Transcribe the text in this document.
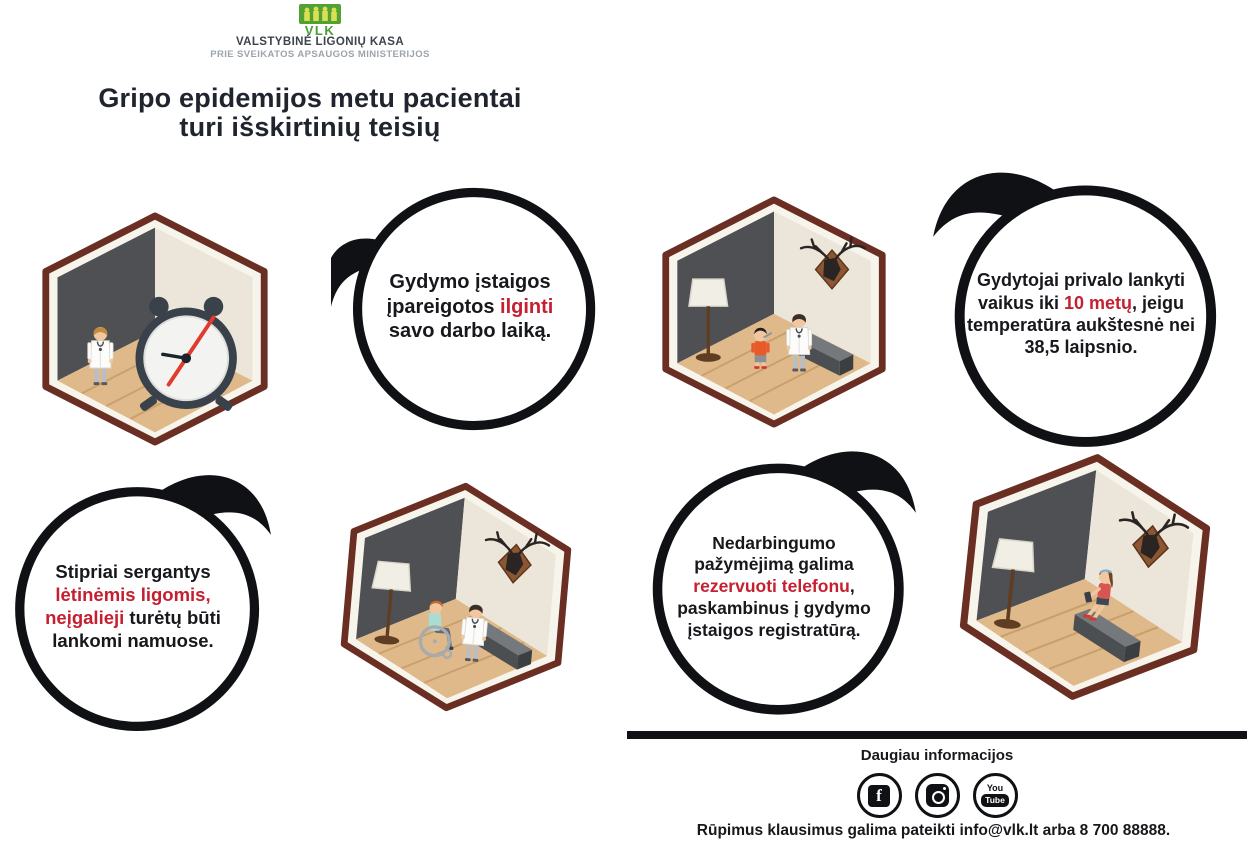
VLK
VALSTYBINĖ LIGONIŲ KASA
PRIE SVEIKATOS APSAUGOS MINISTERIJOS
Gripo epidemijos metu pacientai
turi išskirtinių teisių
Gydymo įstaigos įpareigotos ilginti savo darbo laiką.
Gydytojai privalo lankyti vaikus iki 10 metų, jeigu temperatūra aukštesnė nei 38,5 laipsnio.
Stipriai sergantys lėtinėmis ligomis, neįgalieji turėtų būti lankomi namuose.
Nedarbingumo pažymėjimą galima rezervuoti telefonu, paskambinus į gydymo įstaigos registratūrą.
Daugiau informacijos
f	You
Tube
Rūpimus klausimus galima pateikti info@vlk.lt arba 8 700 88888.
